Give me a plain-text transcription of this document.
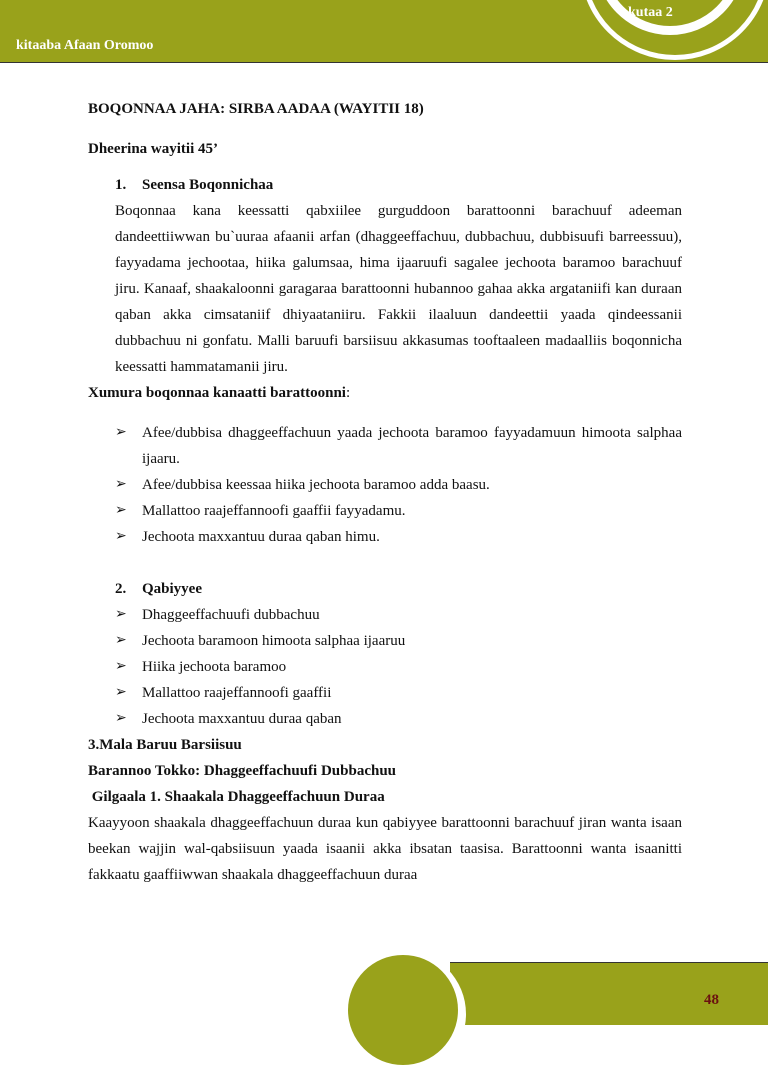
kitaaba Afaan Oromoo
kutaa 2
BOQONNAA JAHA: SIRBA AADAA (WAYITII 18)
Dheerina wayitii 45’
1.	Seensa Boqonnichaa
Boqonnaa kana keessatti qabxiilee gurguddoon barattoonni barachuuf adeeman dandeettiiwwan bu`uuraa afaanii arfan (dhaggeeffachuu, dubbachuu, dubbisuufi barreessuu), fayyadama jechootaa, hiika galumsaa, hima ijaaruufi sagalee jechoota baramoo barachuuf jiru. Kanaaf, shaakaloonni garagaraa barattoonni hubannoo gahaa akka argataniifi kan duraan qaban akka cimsataniif dhiyaataniiru. Fakkii ilaaluun dandeettii yaada qindeessanii dubbachuu ni gonfatu. Malli baruufi barsiisuu akkasumas tooftaaleen madaalliis boqonnicha keessatti hammatamanii jiru.
Xumura boqonnaa kanaatti barattoonni:
➢ Afee/dubbisa dhaggeeffachuun yaada jechoota baramoo fayyadamuun himoota salphaa ijaaru.
➢ Afee/dubbisa keessaa hiika jechoota baramoo adda baasu.
➢ Mallattoo raajeffannoofi gaaffii fayyadamu.
➢ Jechoota maxxantuu duraa qaban himu.
2.	Qabiyyee
➢ Dhaggeeffachuufi dubbachuu
➢ Jechoota baramoon himoota salphaa ijaaruu
➢ Hiika jechoota baramoo
➢ Mallattoo raajeffannoofi gaaffii
➢ Jechoota maxxantuu duraa qaban
3.Mala Baruu Barsiisuu
Barannoo Tokko: Dhaggeeffachuufi Dubbachuu
Gilgaala 1. Shaakala Dhaggeeffachuun Duraa
Kaayyoon shaakala dhaggeeffachuun duraa kun qabiyyee barattoonni barachuuf jiran wanta isaan beekan wajjin wal-qabsiisuun yaada isaanii akka ibsatan taasisa. Barattoonni wanta isaanitti fakkaatu gaaffiiwwan shaakala dhaggeeffachuun duraa
48
